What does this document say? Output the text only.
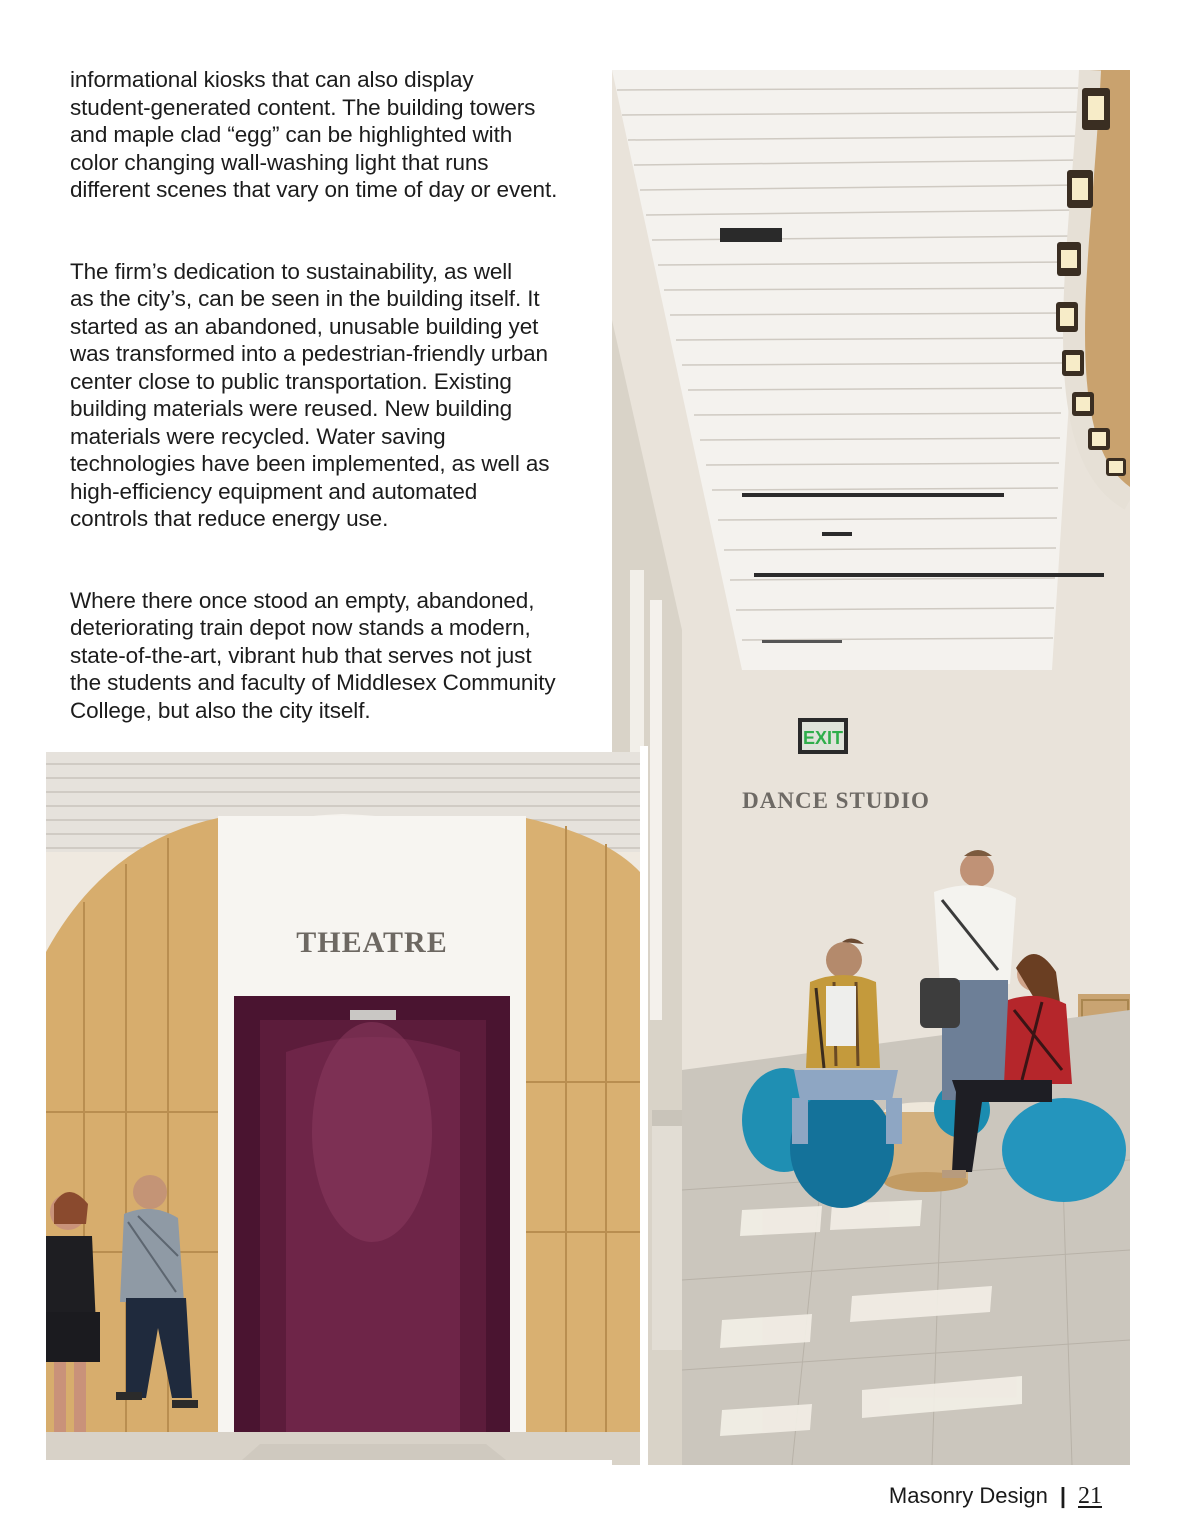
informational kiosks that can also display
student-generated content. The building towers
and maple clad “egg” can be highlighted with
color changing wall-washing light that runs
different scenes that vary on time of day or event.

The firm’s dedication to sustainability, as well
as the city’s, can be seen in the building itself. It
started as an abandoned, unusable building yet
was transformed into a pedestrian-friendly urban
center close to public transportation. Existing
building materials were reused. New building
materials were recycled. Water saving
technologies have been implemented, as well as
high-efficiency equipment and automated
controls that reduce energy use.

Where there once stood an empty, abandoned,
deteriorating train depot now stands a modern,
state-of-the-art, vibrant hub that serves not just
the students and faculty of Middlesex Community
College, but also the city itself.

EXIT
DANCE STUDIO
THEATRE
Masonry Design | 21
